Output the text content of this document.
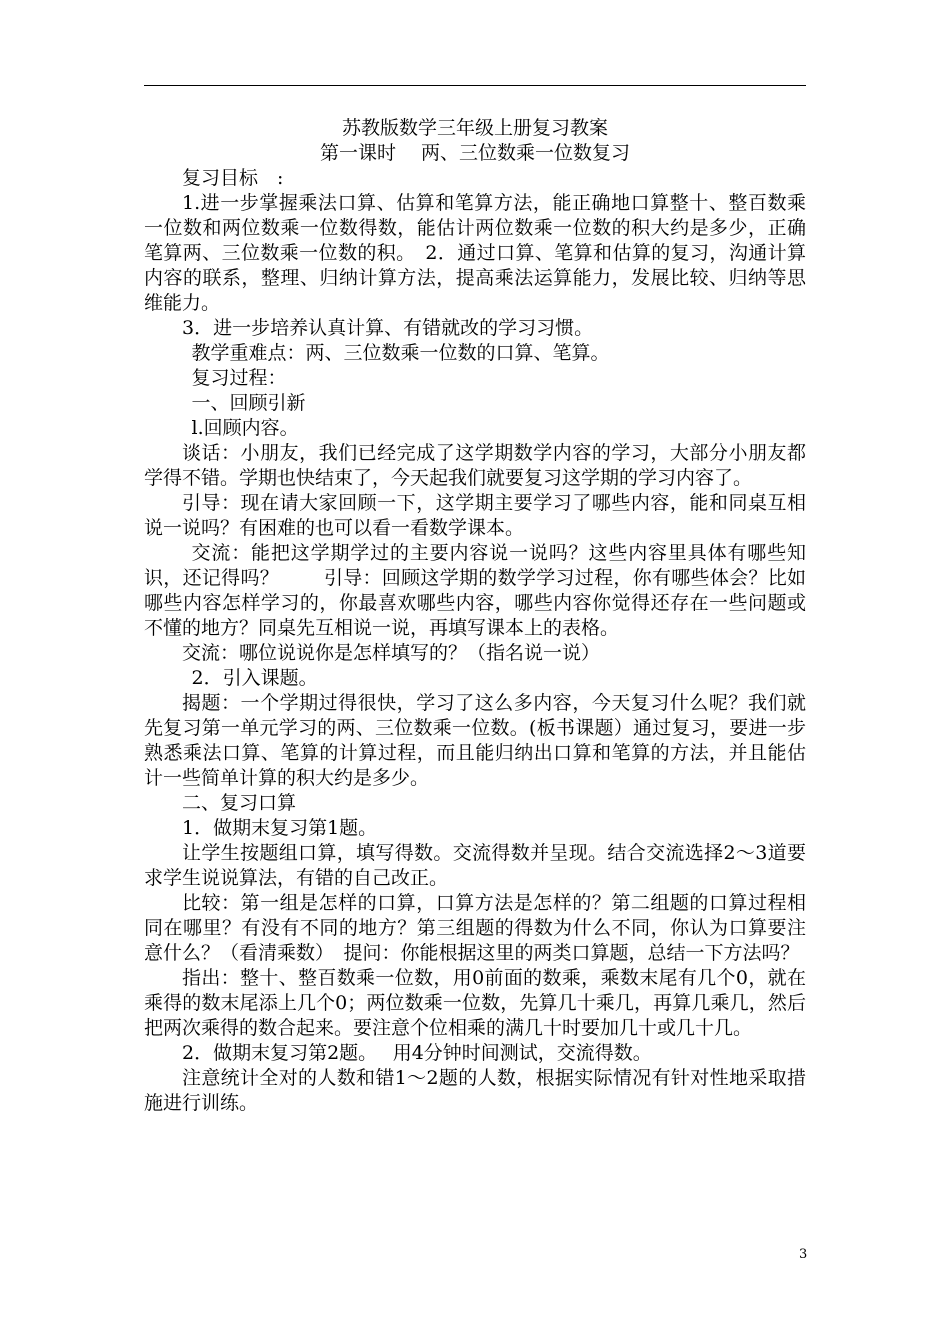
苏教版数学三年级上册复习教案

第一课时　 两、三位数乘一位数复习

复习目标　:

1.进一步掌握乘法口算、估算和笔算方法，能正确地口算整十、整百数乘一位数和两位数乘一位数得数，能估计两位数乘一位数的积大约是多少，正确笔算两、三位数乘一位数的积。　2．通过口算、笔算和估算的复习，沟通计算内容的联系，整理、归纳计算方法，提高乘法运算能力，发展比较、归纳等思维能力。

3．进一步培养认真计算、有错就改的学习习惯。

教学重难点：两、三位数乘一位数的口算、笔算。

复习过程：

一、回顾引新

l.回顾内容。

谈话：小朋友，我们已经完成了这学期数学内容的学习，大部分小朋友都学得不错。学期也快结束了，今天起我们就要复习这学期的学习内容了。

引导：现在请大家回顾一下，这学期主要学习了哪些内容，能和同桌互相说一说吗？有困难的也可以看一看数学课本。

交流：能把这学期学过的主要内容说一说吗？这些内容里具体有哪些知识，还记得吗？　　 引导：回顾这学期的数学学习过程，你有哪些体会？比如哪些内容怎样学习的，你最喜欢哪些内容，哪些内容你觉得还存在一些问题或不懂的地方？同桌先互相说一说，再填写课本上的表格。

交流：哪位说说你是怎样填写的？（指名说一说）

2．引入课题。

揭题：一个学期过得很快，学习了这么多内容，今天复习什么呢？我们就先复习第一单元学习的两、三位数乘一位数。(板书课题）通过复习，要进一步熟悉乘法口算、笔算的计算过程，而且能归纳出口算和笔算的方法，并且能估计一些简单计算的积大约是多少。

二、复习口算

1．做期末复习第1题。

让学生按题组口算，填写得数。交流得数并呈现。结合交流选择2～3道要求学生说说算法，有错的自己改正。

比较：第一组是怎样的口算，口算方法是怎样的？第二组题的口算过程相同在哪里？有没有不同的地方？第三组题的得数为什么不同，你认为口算要注意什么？（看清乘数）　提问：你能根据这里的两类口算题，总结一下方法吗？

指出：整十、整百数乘一位数，用0前面的数乘，乘数末尾有几个0，就在乘得的数末尾添上几个0；两位数乘一位数，先算几十乘几，再算几乘几，然后把两次乘得的数合起来。要注意个位相乘的满几十时要加几十或几十几。

2．做期末复习第2题。　 用4分钟时间测试，交流得数。

注意统计全对的人数和错1～2题的人数，根据实际情况有针对性地采取措施进行训练。

3
